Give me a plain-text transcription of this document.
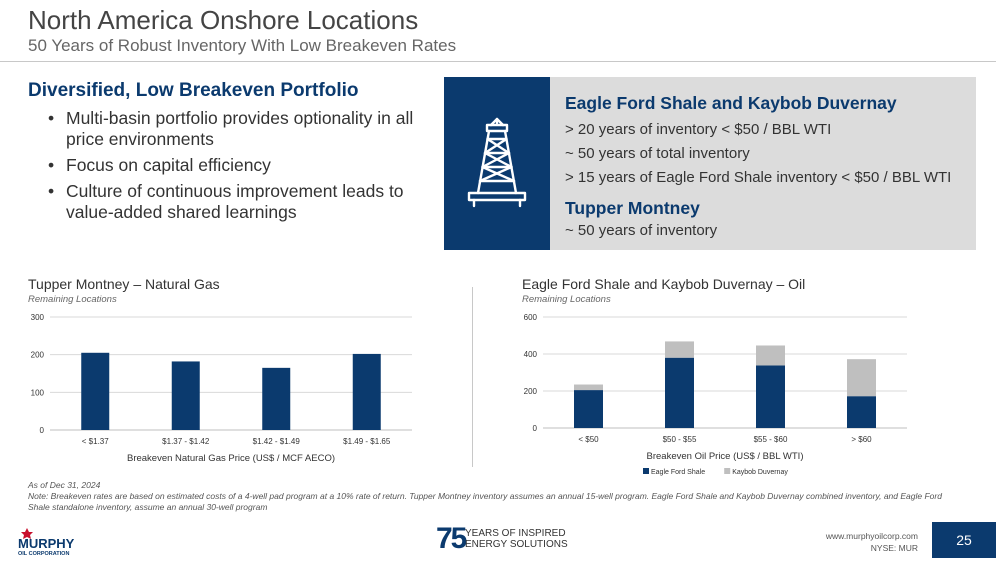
North America Onshore Locations
50 Years of Robust Inventory With Low Breakeven Rates
Diversified, Low Breakeven Portfolio
• Multi-basin portfolio provides optionality in all price environments
• Focus on capital efficiency
• Culture of continuous improvement leads to value-added shared learnings
Eagle Ford Shale and Kaybob Duvernay
> 20 years of inventory < $50 / BBL WTI
~ 50 years of total inventory
> 15 years of Eagle Ford Shale inventory < $50 / BBL WTI
Tupper Montney
~ 50 years of inventory
Tupper Montney – Natural Gas
Remaining Locations
0
100
200
300
< $1.37	$1.37 - $1.42	$1.42 - $1.49	$1.49 - $1.65
Breakeven Natural Gas Price (US$ / MCF AECO)
Eagle Ford Shale and Kaybob Duvernay – Oil
Remaining Locations
0
200
400
600
< $50	$50 - $55	$55 - $60	> $60
Breakeven Oil Price (US$ / BBL WTI)
Eagle Ford Shale	Kaybob Duvernay
As of Dec 31, 2024
Note: Breakeven rates are based on estimated costs of a 4-well pad program at a 10% rate of return. Tupper Montney inventory assumes an annual 15-well program. Eagle Ford Shale and Kaybob Duvernay combined inventory, and Eagle Ford Shale standalone inventory, assume an annual 30-well program
MURPHY
OIL CORPORATION	75 YEARS OF INSPIRED
ENERGY SOLUTIONS
www.murphyoilcorp.com
NYSE: MUR	25
